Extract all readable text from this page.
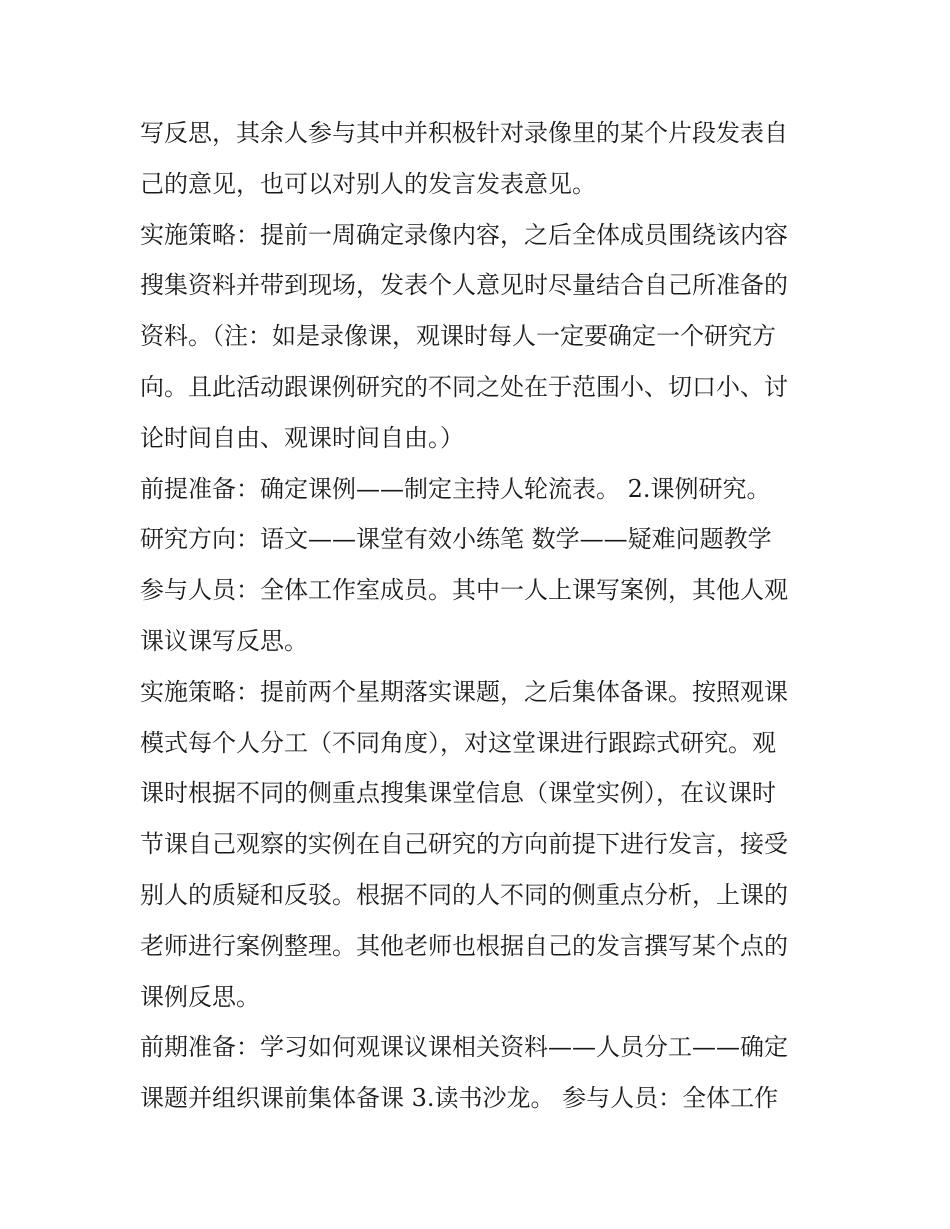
写反思，其余人参与其中并积极针对录像里的某个片段发表自
己的意见，也可以对别人的发言发表意见。
实施策略：提前一周确定录像内容，之后全体成员围绕该内容
搜集资料并带到现场，发表个人意见时尽量结合自己所准备的
资料。（注：如是录像课，观课时每人一定要确定一个研究方
向。且此活动跟课例研究的不同之处在于范围小、切口小、讨
论时间自由、观课时间自由。）
前提准备：确定课例——制定主持人轮流表。 2.课例研究。
研究方向：语文——课堂有效小练笔 数学——疑难问题教学
参与人员：全体工作室成员。其中一人上课写案例，其他人观
课议课写反思。
实施策略：提前两个星期落实课题，之后集体备课。按照观课
模式每个人分工（不同角度），对这堂课进行跟踪式研究。观
课时根据不同的侧重点搜集课堂信息（课堂实例），在议课时
节课自己观察的实例在自己研究的方向前提下进行发言，接受
别人的质疑和反驳。根据不同的人不同的侧重点分析，上课的
老师进行案例整理。其他老师也根据自己的发言撰写某个点的
课例反思。
前期准备：学习如何观课议课相关资料——人员分工——确定
课题并组织课前集体备课 3.读书沙龙。 参与人员：全体工作
